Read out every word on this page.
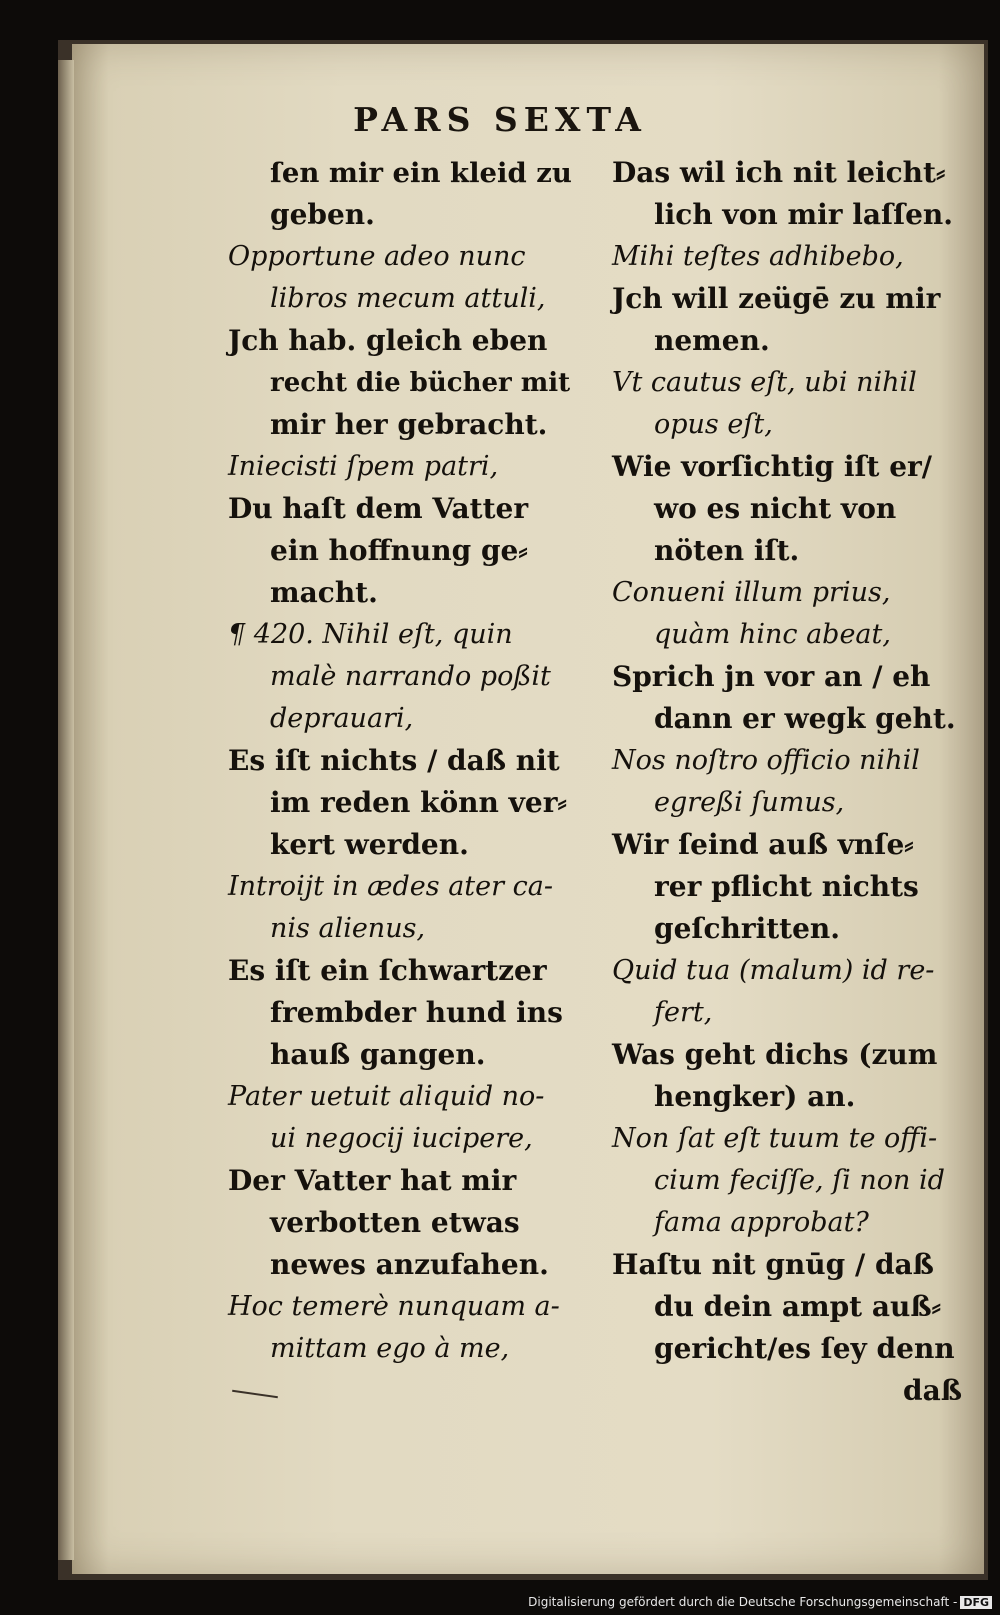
PARS SEXTA
ſen mir ein kleid zu
geben.
Opportune adeo nunc
libros mecum attuli,
Jch hab. gleich eben
recht die bücher mit
mir her gebracht.
Iniecisti ſpem patri,
Du haſt dem Vatter
ein hoffnung ge⸗
macht.
¶ 420. Nihil eſt, quin
malè narrando poßit
deprauari,
Es iſt nichts / daß nit
im reden könn ver⸗
kert werden.
Introijt in ædes ater ca-
nis alienus,
Es iſt ein ſchwartzer
frembder hund ins
hauß gangen.
Pater uetuit aliquid no-
ui negocij iucipere,
Der Vatter hat mir
verbotten etwas
newes anzufahen.
Hoc temerè nunquam a-
mittam ego à me,
Das wil ich nit leicht⸗
lich von mir laſſen.
Mihi teſtes adhibebo,
Jch will zeügē zu mir
nemen.
Vt cautus eſt, ubi nihil
opus eſt,
Wie vorſichtig iſt er/
wo es nicht von
nöten iſt.
Conueni illum prius,
quàm hinc abeat,
Sprich jn vor an / eh
dann er wegk geht.
Nos noſtro officio nihil
egreßi ſumus,
Wir ſeind auß vnſe⸗
rer pflicht nichts
geſchritten.
Quid tua (malum) id re-
fert,
Was geht dichs (zum
hengker) an.
Non ſat eſt tuum te offi-
cium feciſſe, ſi non id
fama approbat?
Haſtu nit gnūg / daß
du dein ampt auß⸗
gericht/es ſey denn
daß
Digitalisierung gefördert durch die Deutsche Forschungsgemeinschaft - DFG
